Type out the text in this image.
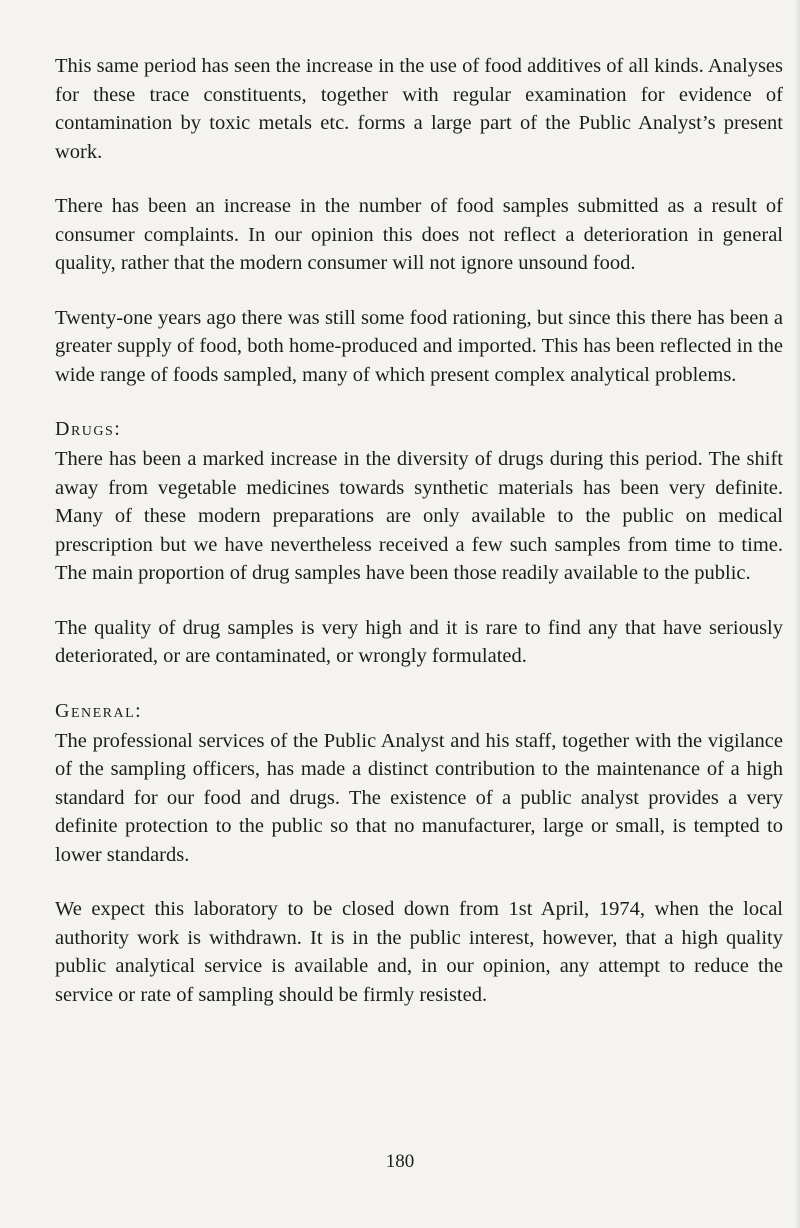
This same period has seen the increase in the use of food additives of all kinds. Analyses for these trace constituents, together with regular examination for evidence of contamination by toxic metals etc. forms a large part of the Public Analyst’s present work.

There has been an increase in the number of food samples submitted as a result of consumer complaints. In our opinion this does not reflect a deterioration in general quality, rather that the modern consumer will not ignore unsound food.

Twenty-one years ago there was still some food rationing, but since this there has been a greater supply of food, both home-produced and imported. This has been reflected in the wide range of foods sampled, many of which present complex analytical problems.

Drugs:

There has been a marked increase in the diversity of drugs during this period. The shift away from vegetable medicines towards synthetic materials has been very definite. Many of these modern preparations are only available to the public on medical prescription but we have nevertheless received a few such samples from time to time. The main proportion of drug samples have been those readily available to the public.

The quality of drug samples is very high and it is rare to find any that have seriously deteriorated, or are contaminated, or wrongly formulated.

General:

The professional services of the Public Analyst and his staff, together with the vigilance of the sampling officers, has made a distinct contribution to the maintenance of a high standard for our food and drugs. The existence of a public analyst provides a very definite protection to the public so that no manufacturer, large or small, is tempted to lower standards.

We expect this laboratory to be closed down from 1st April, 1974, when the local authority work is withdrawn. It is in the public interest, however, that a high quality public analytical service is available and, in our opinion, any attempt to reduce the service or rate of sampling should be firmly resisted.

180
